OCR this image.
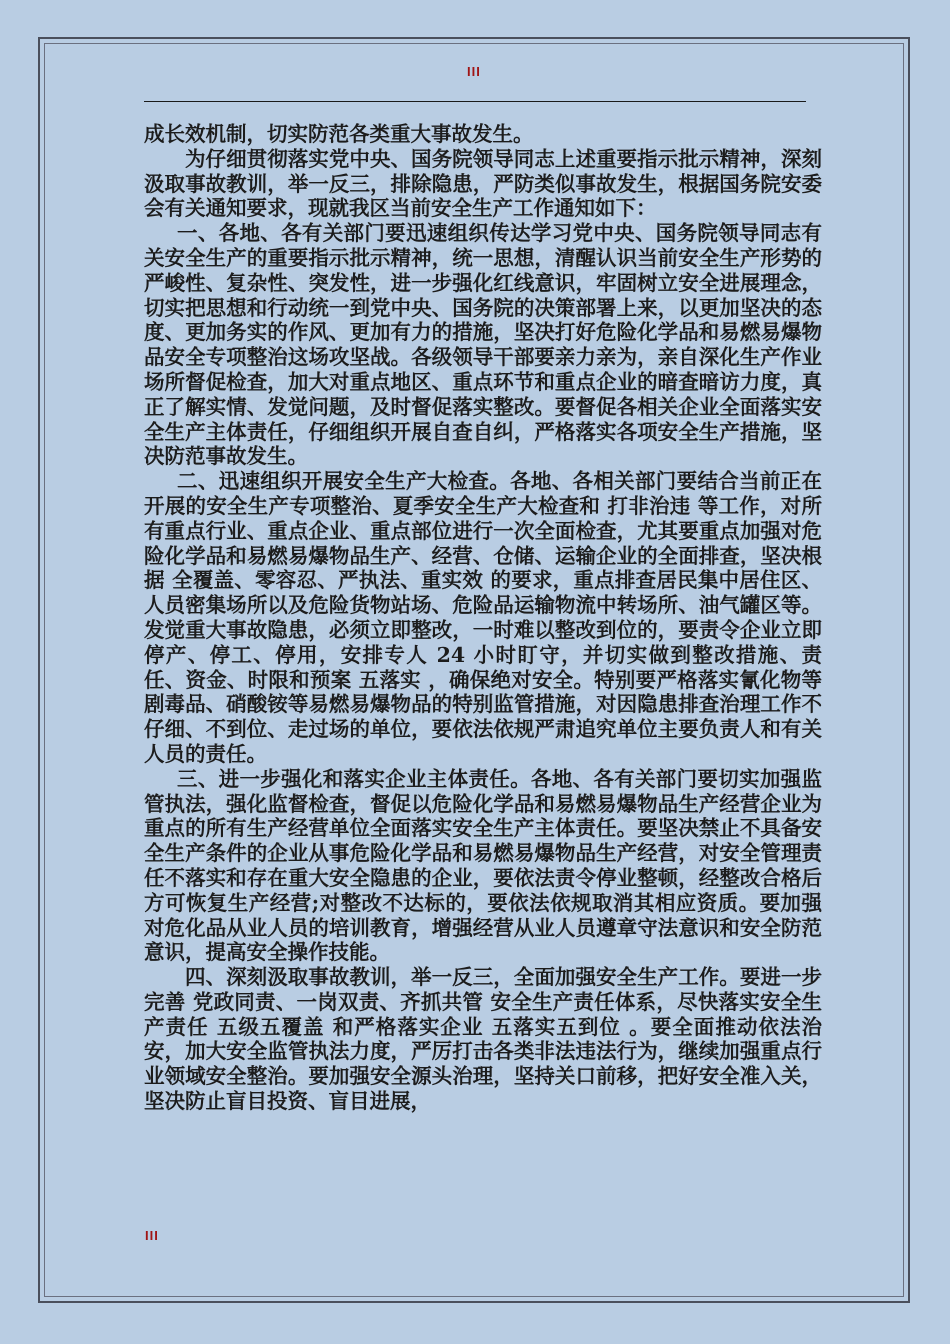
III

成长效机制，切实防范各类重大事故发生。

为仔细贯彻落实党中央、国务院领导同志上述重要指示批示精神，深刻汲取事故教训，举一反三，排除隐患，严防类似事故发生，根据国务院安委会有关通知要求，现就我区当前安全生产工作通知如下：

一、各地、各有关部门要迅速组织传达学习党中央、国务院领导同志有关安全生产的重要指示批示精神，统一思想，清醒认识当前安全生产形势的严峻性、复杂性、突发性，进一步强化红线意识，牢固树立安全进展理念，切实把思想和行动统一到党中央、国务院的决策部署上来，以更加坚决的态度、更加务实的作风、更加有力的措施，坚决打好危险化学品和易燃易爆物品安全专项整治这场攻坚战。各级领导干部要亲力亲为，亲自深化生产作业场所督促检查，加大对重点地区、重点环节和重点企业的暗查暗访力度，真正了解实情、发觉问题，及时督促落实整改。要督促各相关企业全面落实安全生产主体责任，仔细组织开展自查自纠，严格落实各项安全生产措施，坚决防范事故发生。

二、迅速组织开展安全生产大检查。各地、各相关部门要结合当前正在开展的安全生产专项整治、夏季安全生产大检查和 打非治违 等工作，对所有重点行业、重点企业、重点部位进行一次全面检查，尤其要重点加强对危险化学品和易燃易爆物品生产、经营、仓储、运输企业的全面排查，坚决根据 全覆盖、零容忍、严执法、重实效 的要求，重点排查居民集中居住区、人员密集场所以及危险货物站场、危险品运输物流中转场所、油气罐区等。发觉重大事故隐患，必须立即整改，一时难以整改到位的，要责令企业立即停产、停工、停用，安排专人 24 小时盯守，并切实做到整改措施、责任、资金、时限和预案 五落实 ，确保绝对安全。特别要严格落实氰化物等剧毒品、硝酸铵等易燃易爆物品的特别监管措施，对因隐患排查治理工作不仔细、不到位、走过场的单位，要依法依规严肃追究单位主要负责人和有关人员的责任。

三、进一步强化和落实企业主体责任。各地、各有关部门要切实加强监管执法，强化监督检查，督促以危险化学品和易燃易爆物品生产经营企业为重点的所有生产经营单位全面落实安全生产主体责任。要坚决禁止不具备安全生产条件的企业从事危险化学品和易燃易爆物品生产经营，对安全管理责任不落实和存在重大安全隐患的企业，要依法责令停业整顿，经整改合格后方可恢复生产经营;对整改不达标的，要依法依规取消其相应资质。要加强对危化品从业人员的培训教育，增强经营从业人员遵章守法意识和安全防范意识，提高安全操作技能。

四、深刻汲取事故教训，举一反三，全面加强安全生产工作。要进一步完善 党政同责、一岗双责、齐抓共管 安全生产责任体系，尽快落实安全生产责任 五级五覆盖 和严格落实企业 五落实五到位 。要全面推动依法治安，加大安全监管执法力度，严厉打击各类非法违法行为，继续加强重点行业领域安全整治。要加强安全源头治理，坚持关口前移，把好安全准入关，坚决防止盲目投资、盲目进展，

III
